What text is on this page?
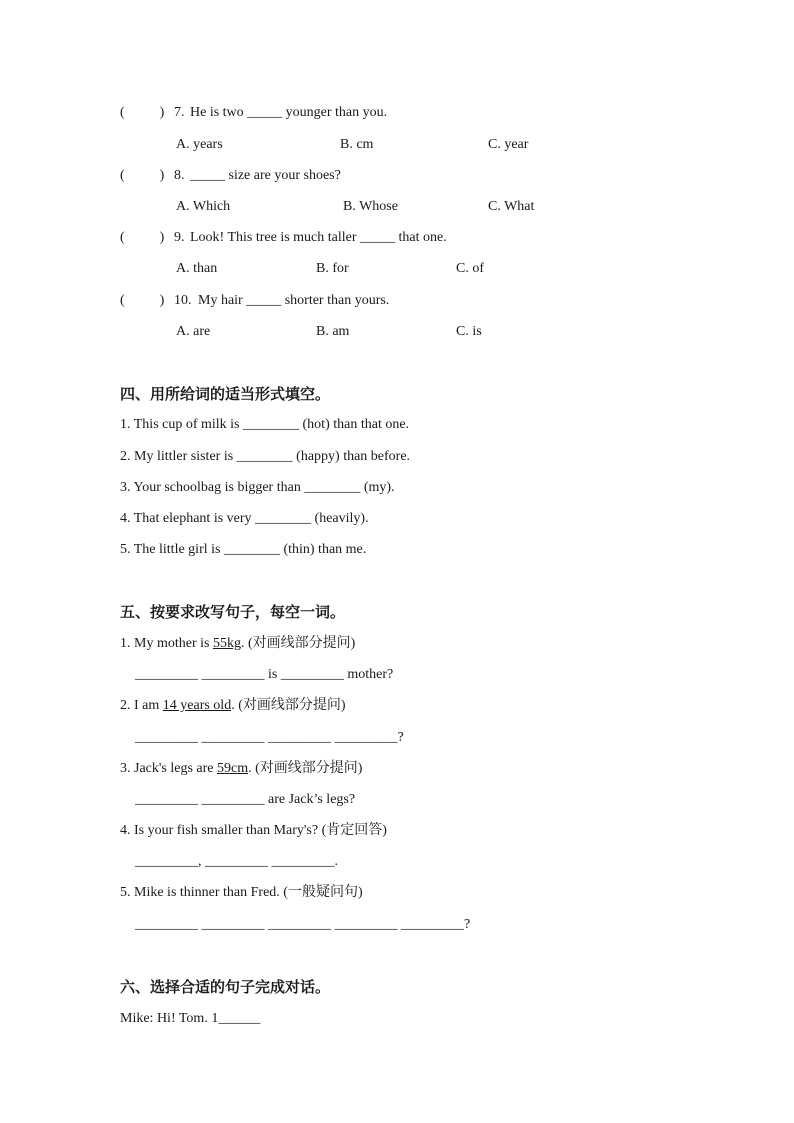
(          ) 7. He is two _____ younger than you.
A. years	B. cm	C. year
(          ) 8. _____ size are your shoes?
A. Which	B. Whose	C. What
(          ) 9. Look! This tree is much taller _____ that one.
A. than	B. for	C. of
(          ) 10. My hair _____ shorter than yours.
A. are	B. am	C. is
四、用所给词的适当形式填空。
1. This cup of milk is ________ (hot) than that one.
2. My littler sister is ________ (happy) than before.
3. Your schoolbag is bigger than ________ (my).
4. That elephant is very ________ (heavily).
5. The little girl is ________ (thin) than me.
五、按要求改写句子，每空一词。
1. My mother is 55kg. (对画线部分提问)
_________ _________ is _________ mother?
2. I am 14 years old. (对画线部分提问)
_________ _________ _________ _________?
3. Jack's legs are 59cm. (对画线部分提问)
_________ _________ are Jack’s legs?
4. Is your fish smaller than Mary's? (肯定回答)
_________, _________ _________.
5. Mike is thinner than Fred. (一般疑问句)
_________ _________ _________ _________ _________?
六、选择合适的句子完成对话。
Mike: Hi! Tom. 1______
